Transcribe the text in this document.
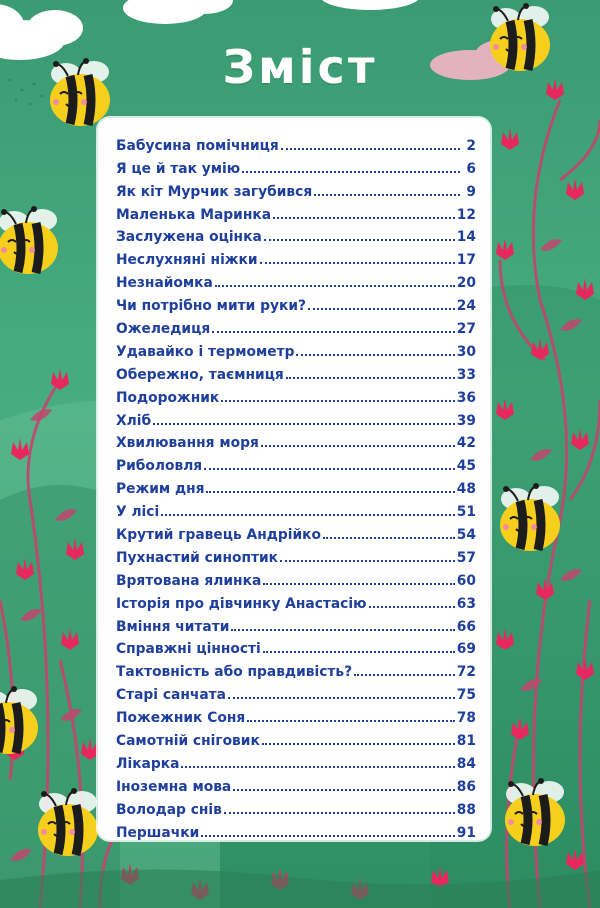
Зміст
Бабусина помічниця	2
Я це й так умію	6
Як кіт Мурчик загубився	9
Маленька Маринка	12
Заслужена оцінка	14
Неслухняні ніжки	17
Незнайомка	20
Чи потрібно мити руки?	24
Ожеледиця	27
Удавайко і термометр	30
Обережно, таємниця	33
Подорожник	36
Хліб	39
Хвилювання моря	42
Риболовля	45
Режим дня	48
У лісі	51
Крутий гравець Андрійко	54
Пухнастий синоптик	57
Врятована ялинка	60
Історія про дівчинку Анастасію	63
Вміння читати	66
Справжні цінності	69
Тактовність або правдивість?	72
Старі санчата	75
Пожежник Соня	78
Самотній сніговик	81
Лікарка	84
Іноземна мова	86
Володар снів	88
Першачки	91
